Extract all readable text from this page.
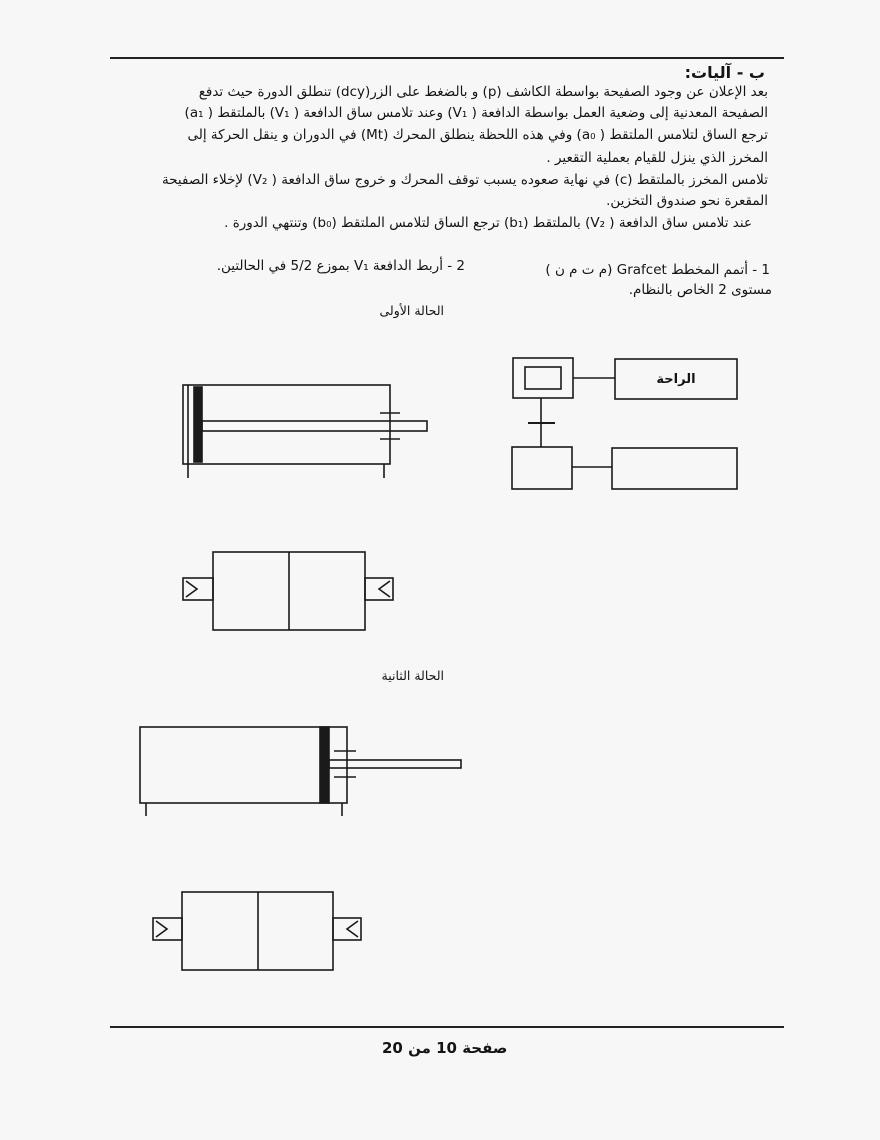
ب - آليات:
بعد الإعلان عن وجود الصفيحة بواسطة الكاشف (p) و بالضغط على الزر(dcy) تنطلق الدورة حيث تدفع
الصفيحة المعدنية إلى وضعية العمل بواسطة الدافعة ( V₁) وعند تلامس ساق الدافعة ( V₁) بالملتقط ( a₁)
ترجع الساق لتلامس الملتقط ( a₀) وفي هذه اللحظة ينطلق المحرك (Mt) في الدوران و ينقل الحركة إلى
المخرز الذي ينزل للقيام بعملية التقعير .
تلامس المخرز بالملتقط (c) في نهاية صعوده يسبب توقف المحرك و خروج ساق الدافعة ( V₂) لإخلاء الصفيحة
المقعرة نحو صندوق التخزين.
عند تلامس ساق الدافعة ( V₂) بالملتقط (b₁) ترجع الساق لتلامس الملتقط (b₀) وتنتهي الدورة .
1 - أتمم المخطط Grafcet (م ت م ن )
مستوى 2 الخاص بالنظام.
2 - أربط الدافعة V₁ بموزع 5/2 في الحالتين.
الحالة الأولى
الحالة الثانية
الراحة
صفحة 10 من 20
